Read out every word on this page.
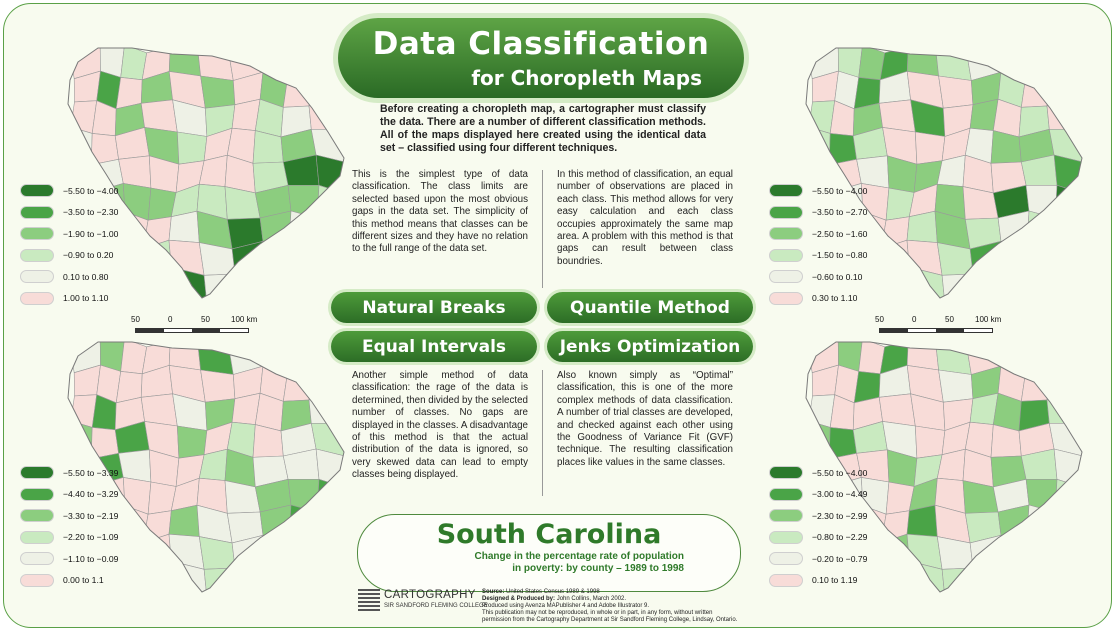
−5.50 to −4.00
−3.50 to −2.30
−1.90 to −1.00
−0.90 to 0.20
0.10 to 0.80
1.00 to 1.10
−5.50 to −4.00
−3.50 to −2.70
−2.50 to −1.60
−1.50 to −0.80
−0.60 to 0.10
0.30 to 1.10
−5.50 to −3.39
−4.40 to −3.29
−3.30 to −2.19
−2.20 to −1.09
−1.10 to −0.09
0.00 to 1.1
−5.50 to −4.00
−3.00 to −4.49
−2.30 to −2.99
−0.80 to −2.29
−0.20 to −0.79
0.10 to 1.19
50	0	50	100 km	50	0	50	100 km
Data Classification
for Choropleth Maps
Before creating a choropleth map, a cartographer must classify the data. There are a number of different classification methods. All of the maps displayed here created using the identical data set – classified using four different techniques.
This is the simplest type of data classification. The class limits are selected based upon the most obvious gaps in the data set. The simplicity of this method means that classes can be different sizes and they have no relation to the full range of the data set.
In this method of classification, an equal number of observations are placed in each class. This method allows for very easy calculation and each class occupies approximately the same map area. A problem with this method is that gaps can result between class boundries.
Natural Breaks	Quantile Method
Equal Intervals	Jenks Optimization
Another simple method of data classification: the rage of the data is determined, then divided by the selected number of classes. No gaps are displayed in the classes. A disadvantage of this method is that the actual distribution of the data is ignored, so very skewed data can lead to empty classes being displayed.
Also known simply as “Optimal” classification, this is one of the more complex methods of data classification. A number of trial classes are developed, and checked against each other using the Goodness of Variance Fit (GVF) technique. The resulting classification places like values in the same classes.
South Carolina
Change in the percentage rate of population
in poverty: by county – 1989 to 1998
CARTOGRAPHY
SIR SANDFORD FLEMING COLLEGE
Source: United States Census 1989 & 1998
Designed & Produced by: John Collins, March 2002.
Produced using Avenza MAPublisher 4 and Adobe Illustrator 9.
This publication may not be reproduced, in whole or in part, in any form, without written
permission from the Cartography Department at Sir Sandford Fleming College, Lindsay, Ontario.
